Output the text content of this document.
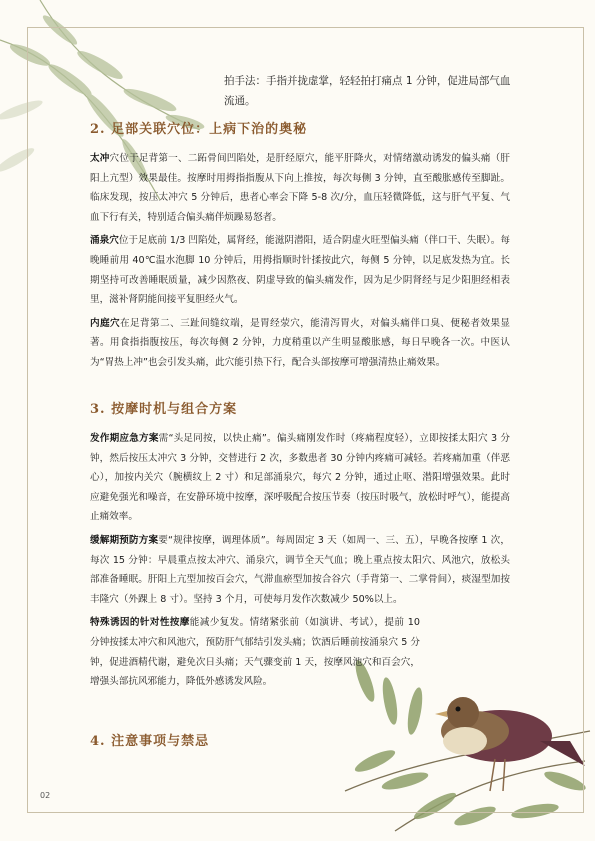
拍手法：手指并拢虚掌，轻轻拍打痛点 1 分钟，促进局部气血流通。
2. 足部关联穴位：上病下治的奥秘
太冲穴位于足背第一、二跖骨间凹陷处，是肝经原穴，能平肝降火，对情绪激动诱发的偏头痛（肝阳上亢型）效果最佳。按摩时用拇指指腹从下向上推按，每次每侧 3 分钟，直至酸胀感传至脚趾。临床发现，按压太冲穴 5 分钟后，患者心率会下降 5-8 次/分，血压轻微降低，这与肝气平复、气血下行有关，特别适合偏头痛伴烦躁易怒者。
涌泉穴位于足底前 1/3 凹陷处，属肾经，能滋阴潜阳，适合阴虚火旺型偏头痛（伴口干、失眠）。每晚睡前用 40℃温水泡脚 10 分钟后，用拇指顺时针揉按此穴，每侧 5 分钟，以足底发热为宜。长期坚持可改善睡眠质量，减少因熬夜、阴虚导致的偏头痛发作，因为足少阴肾经与足少阳胆经相表里，滋补肾阴能间接平复胆经火气。
内庭穴在足背第二、三趾间缝纹端，是胃经荥穴，能清泻胃火，对偏头痛伴口臭、便秘者效果显著。用食指指腹按压，每次每侧 2 分钟，力度稍重以产生明显酸胀感，每日早晚各一次。中医认为“胃热上冲”也会引发头痛，此穴能引热下行，配合头部按摩可增强清热止痛效果。
3. 按摩时机与组合方案
发作期应急方案需“头足同按，以快止痛”。偏头痛刚发作时（疼痛程度轻），立即按揉太阳穴 3 分钟，然后按压太冲穴 3 分钟，交替进行 2 次，多数患者 30 分钟内疼痛可减轻。若疼痛加重（伴恶心），加按内关穴（腕横纹上 2 寸）和足部涌泉穴，每穴 2 分钟，通过止呕、潜阳增强效果。此时应避免强光和噪音，在安静环境中按摩，深呼吸配合按压节奏（按压时吸气，放松时呼气），能提高止痛效率。
缓解期预防方案要“规律按摩，调理体质”。每周固定 3 天（如周一、三、五），早晚各按摩 1 次，每次 15 分钟：早晨重点按太冲穴、涌泉穴，调节全天气血；晚上重点按太阳穴、风池穴，放松头部准备睡眠。肝阳上亢型加按百会穴，气滞血瘀型加按合谷穴（手背第一、二掌骨间），痰湿型加按丰隆穴（外踝上 8 寸）。坚持 3 个月，可使每月发作次数减少 50%以上。
特殊诱因的针对性按摩能减少复发。情绪紧张前（如演讲、考试），提前 10 分钟按揉太冲穴和风池穴，预防肝气郁结引发头痛；饮酒后睡前按涌泉穴 5 分钟，促进酒精代谢，避免次日头痛；天气骤变前 1 天，按摩风池穴和百会穴，增强头部抗风邪能力，降低外感诱发风险。
4. 注意事项与禁忌
02
